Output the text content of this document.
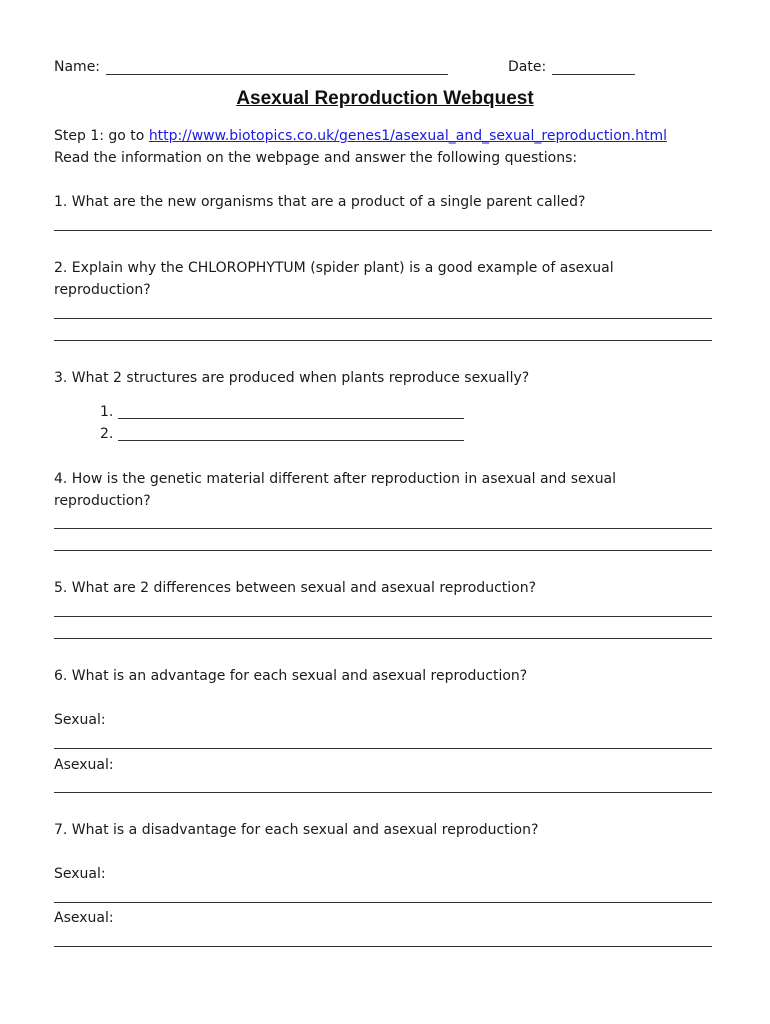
Name:	Date:
Asexual Reproduction Webquest
Step 1: go to http://www.biotopics.co.uk/genes1/asexual_and_sexual_reproduction.html
Read the information on the webpage and answer the following questions:
1. What are the new organisms that are a product of a single parent called?
2. Explain why the CHLOROPHYTUM (spider plant) is a good example of asexual
reproduction?
3. What 2 structures are produced when plants reproduce sexually?
1.
2.
4. How is the genetic material different after reproduction in asexual and sexual
reproduction?
5. What are 2 differences between sexual and asexual reproduction?
6. What is an advantage for each sexual and asexual reproduction?
Sexual:
Asexual:
7. What is a disadvantage for each sexual and asexual reproduction?
Sexual:
Asexual:
